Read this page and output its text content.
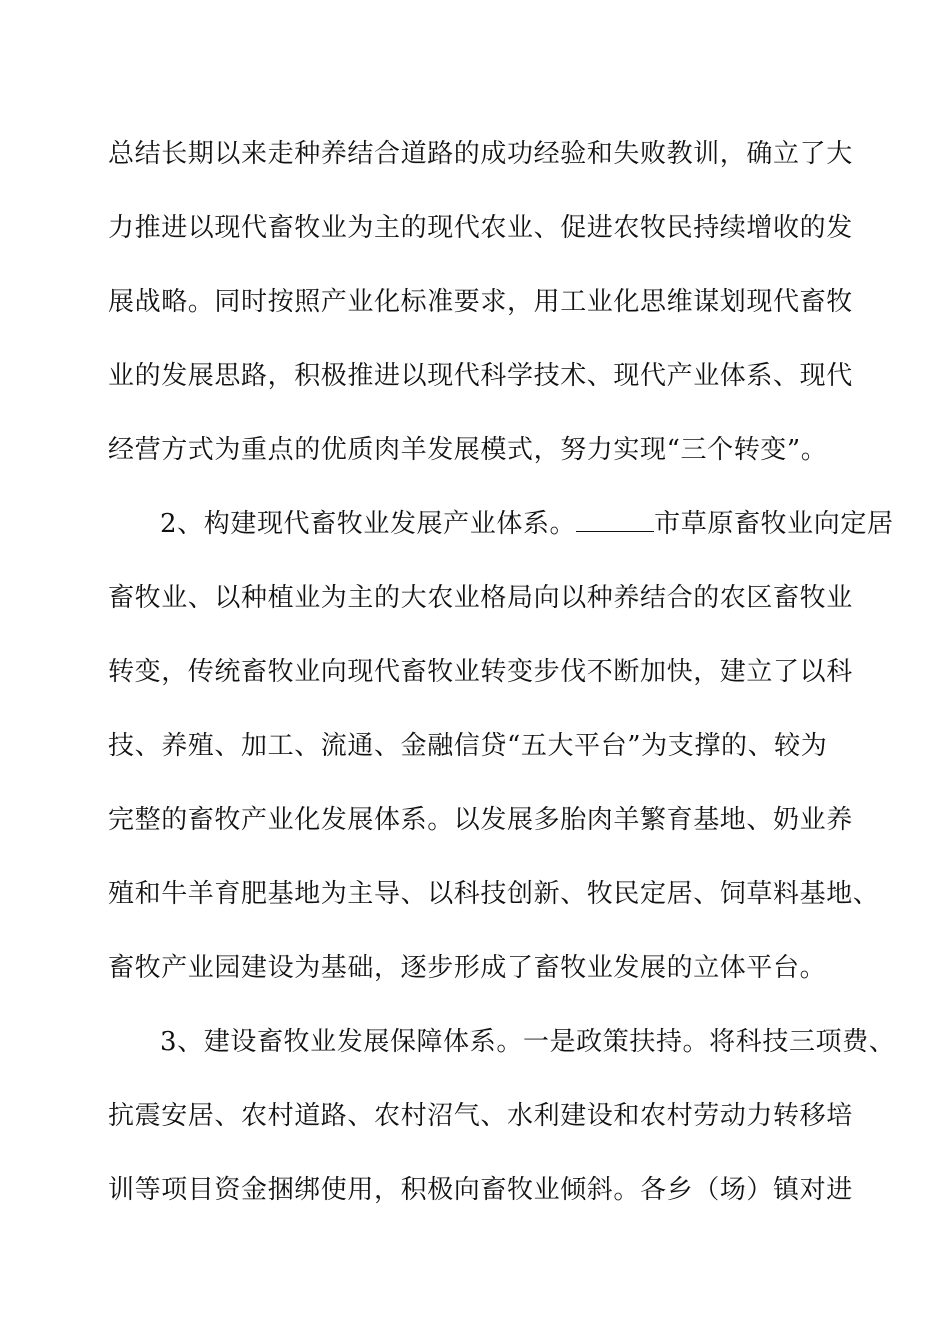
总结长期以来走种养结合道路的成功经验和失败教训，确立了大
力推进以现代畜牧业为主的现代农业、促进农牧民持续增收的发
展战略。同时按照产业化标准要求，用工业化思维谋划现代畜牧
业的发展思路，积极推进以现代科学技术、现代产业体系、现代
经营方式为重点的优质肉羊发展模式，努力实现“三个转变”。
2、构建现代畜牧业发展产业体系。	市草原畜牧业向定居
畜牧业、以种植业为主的大农业格局向以种养结合的农区畜牧业
转变，传统畜牧业向现代畜牧业转变步伐不断加快，建立了以科
技、养殖、加工、流通、金融信贷“五大平台”为支撑的、较为
完整的畜牧产业化发展体系。以发展多胎肉羊繁育基地、奶业养
殖和牛羊育肥基地为主导、以科技创新、牧民定居、饲草料基地、
畜牧产业园建设为基础，逐步形成了畜牧业发展的立体平台。
3、建设畜牧业发展保障体系。一是政策扶持。将科技三项费、
抗震安居、农村道路、农村沼气、水利建设和农村劳动力转移培
训等项目资金捆绑使用，积极向畜牧业倾斜。各乡（场）镇对进
